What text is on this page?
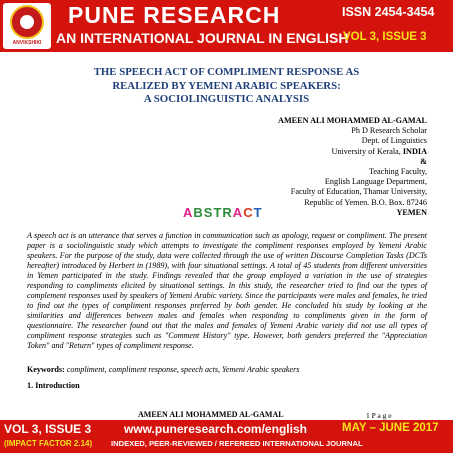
ANVIKSHIKI
PUNE RESEARCH	ISSN 2454-3454
AN INTERNATIONAL JOURNAL IN ENGLISH
VOL 3, ISSUE 3
THE SPEECH ACT OF COMPLIMENT RESPONSE AS
REALIZED BY YEMENI ARABIC SPEAKERS:
A SOCIOLINGUISTIC ANALYSIS
AMEEN ALI MOHAMMED AL-GAMAL
Ph D Research Scholar
Dept. of Linguistics
University of Kerala, INDIA
&
Teaching Faculty,
English Language Department,
Faculty of Education, Thamar University,
Republic of Yemen. B.O. Box. 87246
YEMEN
ABSTRACT
A speech act is an utterance that serves a function in communication such as apology, request or compliment. The present paper is a sociolinguistic study which attempts to investigate the compliment responses employed by Yemeni Arabic speakers. For the purpose of the study, data were collected through the use of written Discourse Completion Tasks (DCTs hereafter) introduced by Herbert in (1989), with four situational settings. A total of 45 students from different universities in Yemen participated in the study. Findings revealed that the group employed a variation in the use of strategies responding to compliments elicited by situational settings. In this study, the researcher tried to find out the types of complement responses used by speakers of Yemeni Arabic variety. Since the participants were males and females, he tried to find out the types of compliment responses preferred by both gender. He concluded his study by looking at the similarities and differences between males and females when responding to compliments given in the form of questionnaire. The researcher found out that the males and females of Yemeni Arabic variety did not use all types of compliment response strategies such as "Comment History" type. However, both genders preferred the "Appreciation Token" and "Return" types of compliment response.
Keywords: compliment, compliment response, speech acts, Yemeni Arabic speakers
1. Introduction
AMEEN ALI MOHAMMED AL-GAMAL	1 P a g e
VOL 3, ISSUE 3	www.puneresearch.com/english	MAY – JUNE 2017
(IMPACT FACTOR 2.14)	INDEXED, PEER-REVIEWED / REFEREED INTERNATIONAL JOURNAL
